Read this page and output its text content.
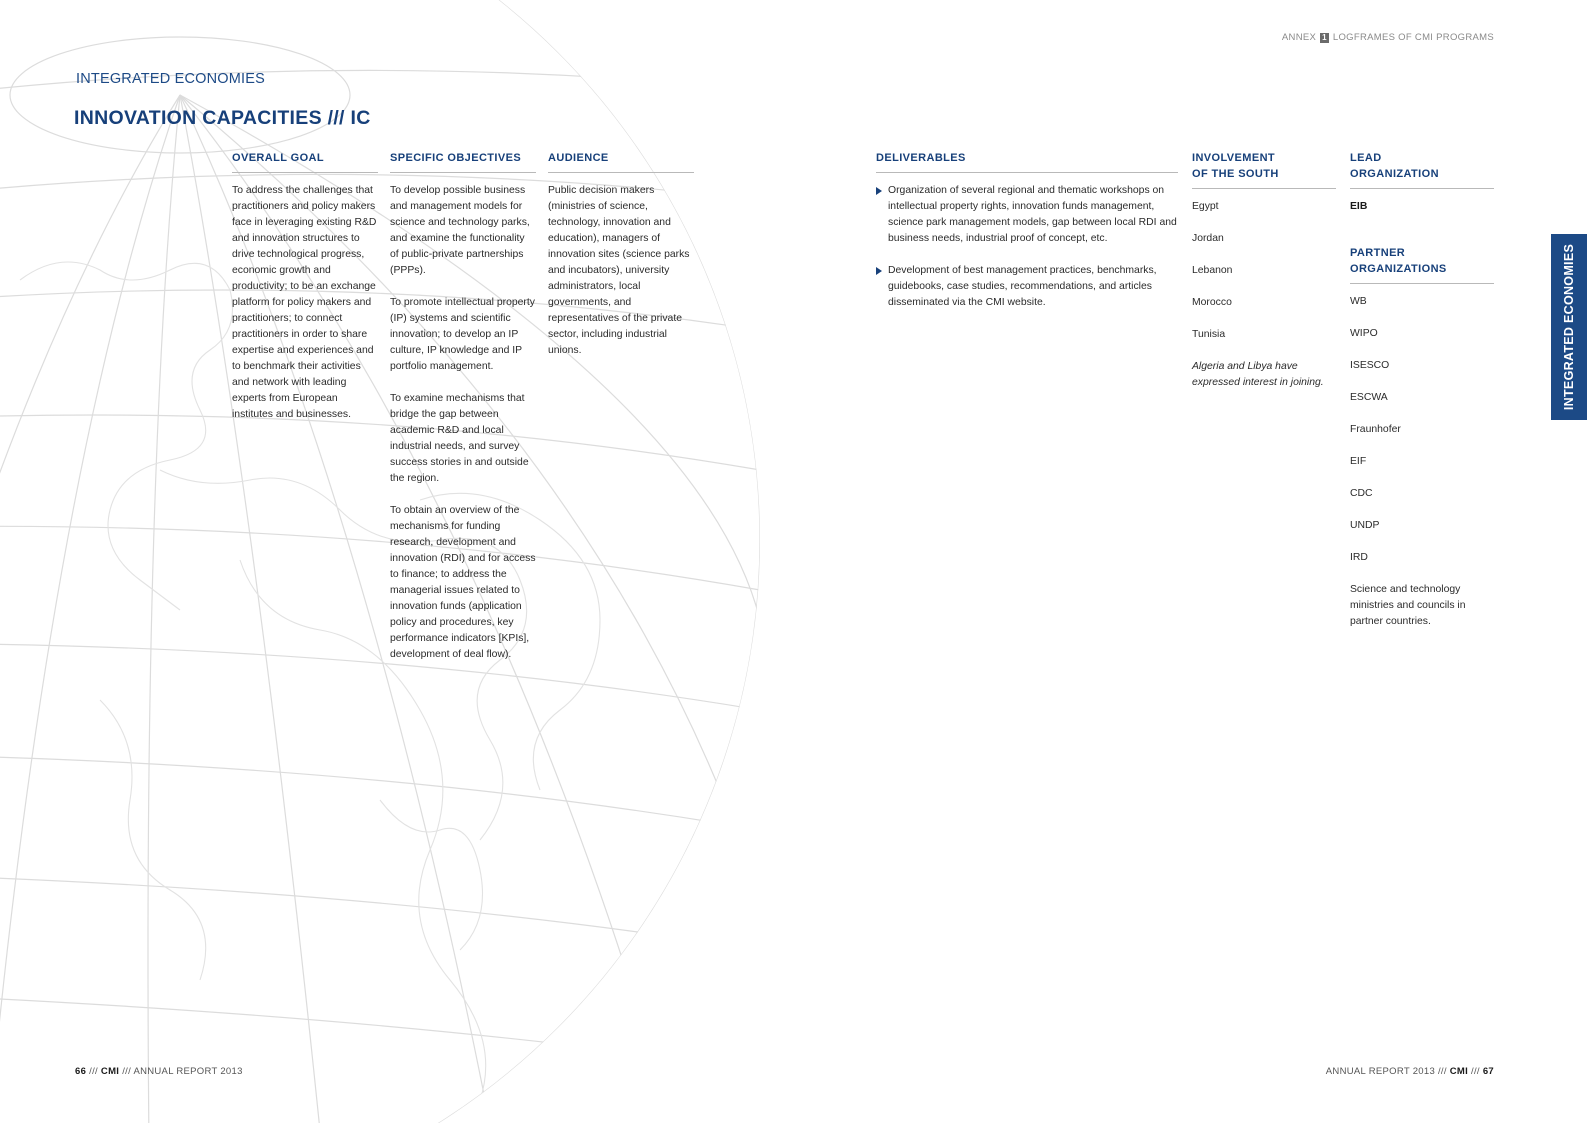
ANNEX 1 LOGFRAMES OF CMI PROGRAMS
INTEGRATED ECONOMIES
INNOVATION CAPACITIES /// IC
OVERALL GOAL

To address the challenges that practitioners and policy makers face in leveraging existing R&D and innovation structures to drive technological progress, economic growth and productivity; to be an exchange platform for policy makers and practitioners; to connect practitioners in order to share expertise and experiences and to benchmark their activities and network with leading experts from European institutes and businesses.

SPECIFIC OBJECTIVES

To develop possible business and management models for science and technology parks, and examine the functionality of public-private partnerships (PPPs).

To promote intellectual property (IP) systems and scientific innovation; to develop an IP culture, IP knowledge and IP portfolio management.

To examine mechanisms that bridge the gap between academic R&D and local industrial needs, and survey success stories in and outside the region.

To obtain an overview of the mechanisms for funding research, development and innovation (RDI) and for access to finance; to address the managerial issues related to innovation funds (application policy and procedures, key performance indicators [KPIs], development of deal flow).

AUDIENCE

Public decision makers (ministries of science, technology, innovation and education), managers of innovation sites (science parks and incubators), university administrators, local governments, and representatives of the private sector, including industrial unions.

DELIVERABLES
Organization of several regional and thematic workshops on intellectual property rights, innovation funds management, science park management models, gap between local RDI and business needs, industrial proof of concept, etc.
Development of best management practices, benchmarks, guidebooks, case studies, recommendations, and articles disseminated via the CMI website.
INVOLVEMENT
OF THE SOUTH

Egypt

Jordan

Lebanon

Morocco

Tunisia

Algeria and Libya have expressed interest in joining.

LEAD
ORGANIZATION

EIB

PARTNER
ORGANIZATIONS

WB

WIPO

ISESCO

ESCWA

Fraunhofer

EIF

CDC

UNDP

IRD

Science and technology ministries and councils in partner countries.

INTEGRATED ECONOMIES
66 /// CMI /// ANNUAL REPORT 2013	ANNUAL REPORT 2013 /// CMI /// 67
